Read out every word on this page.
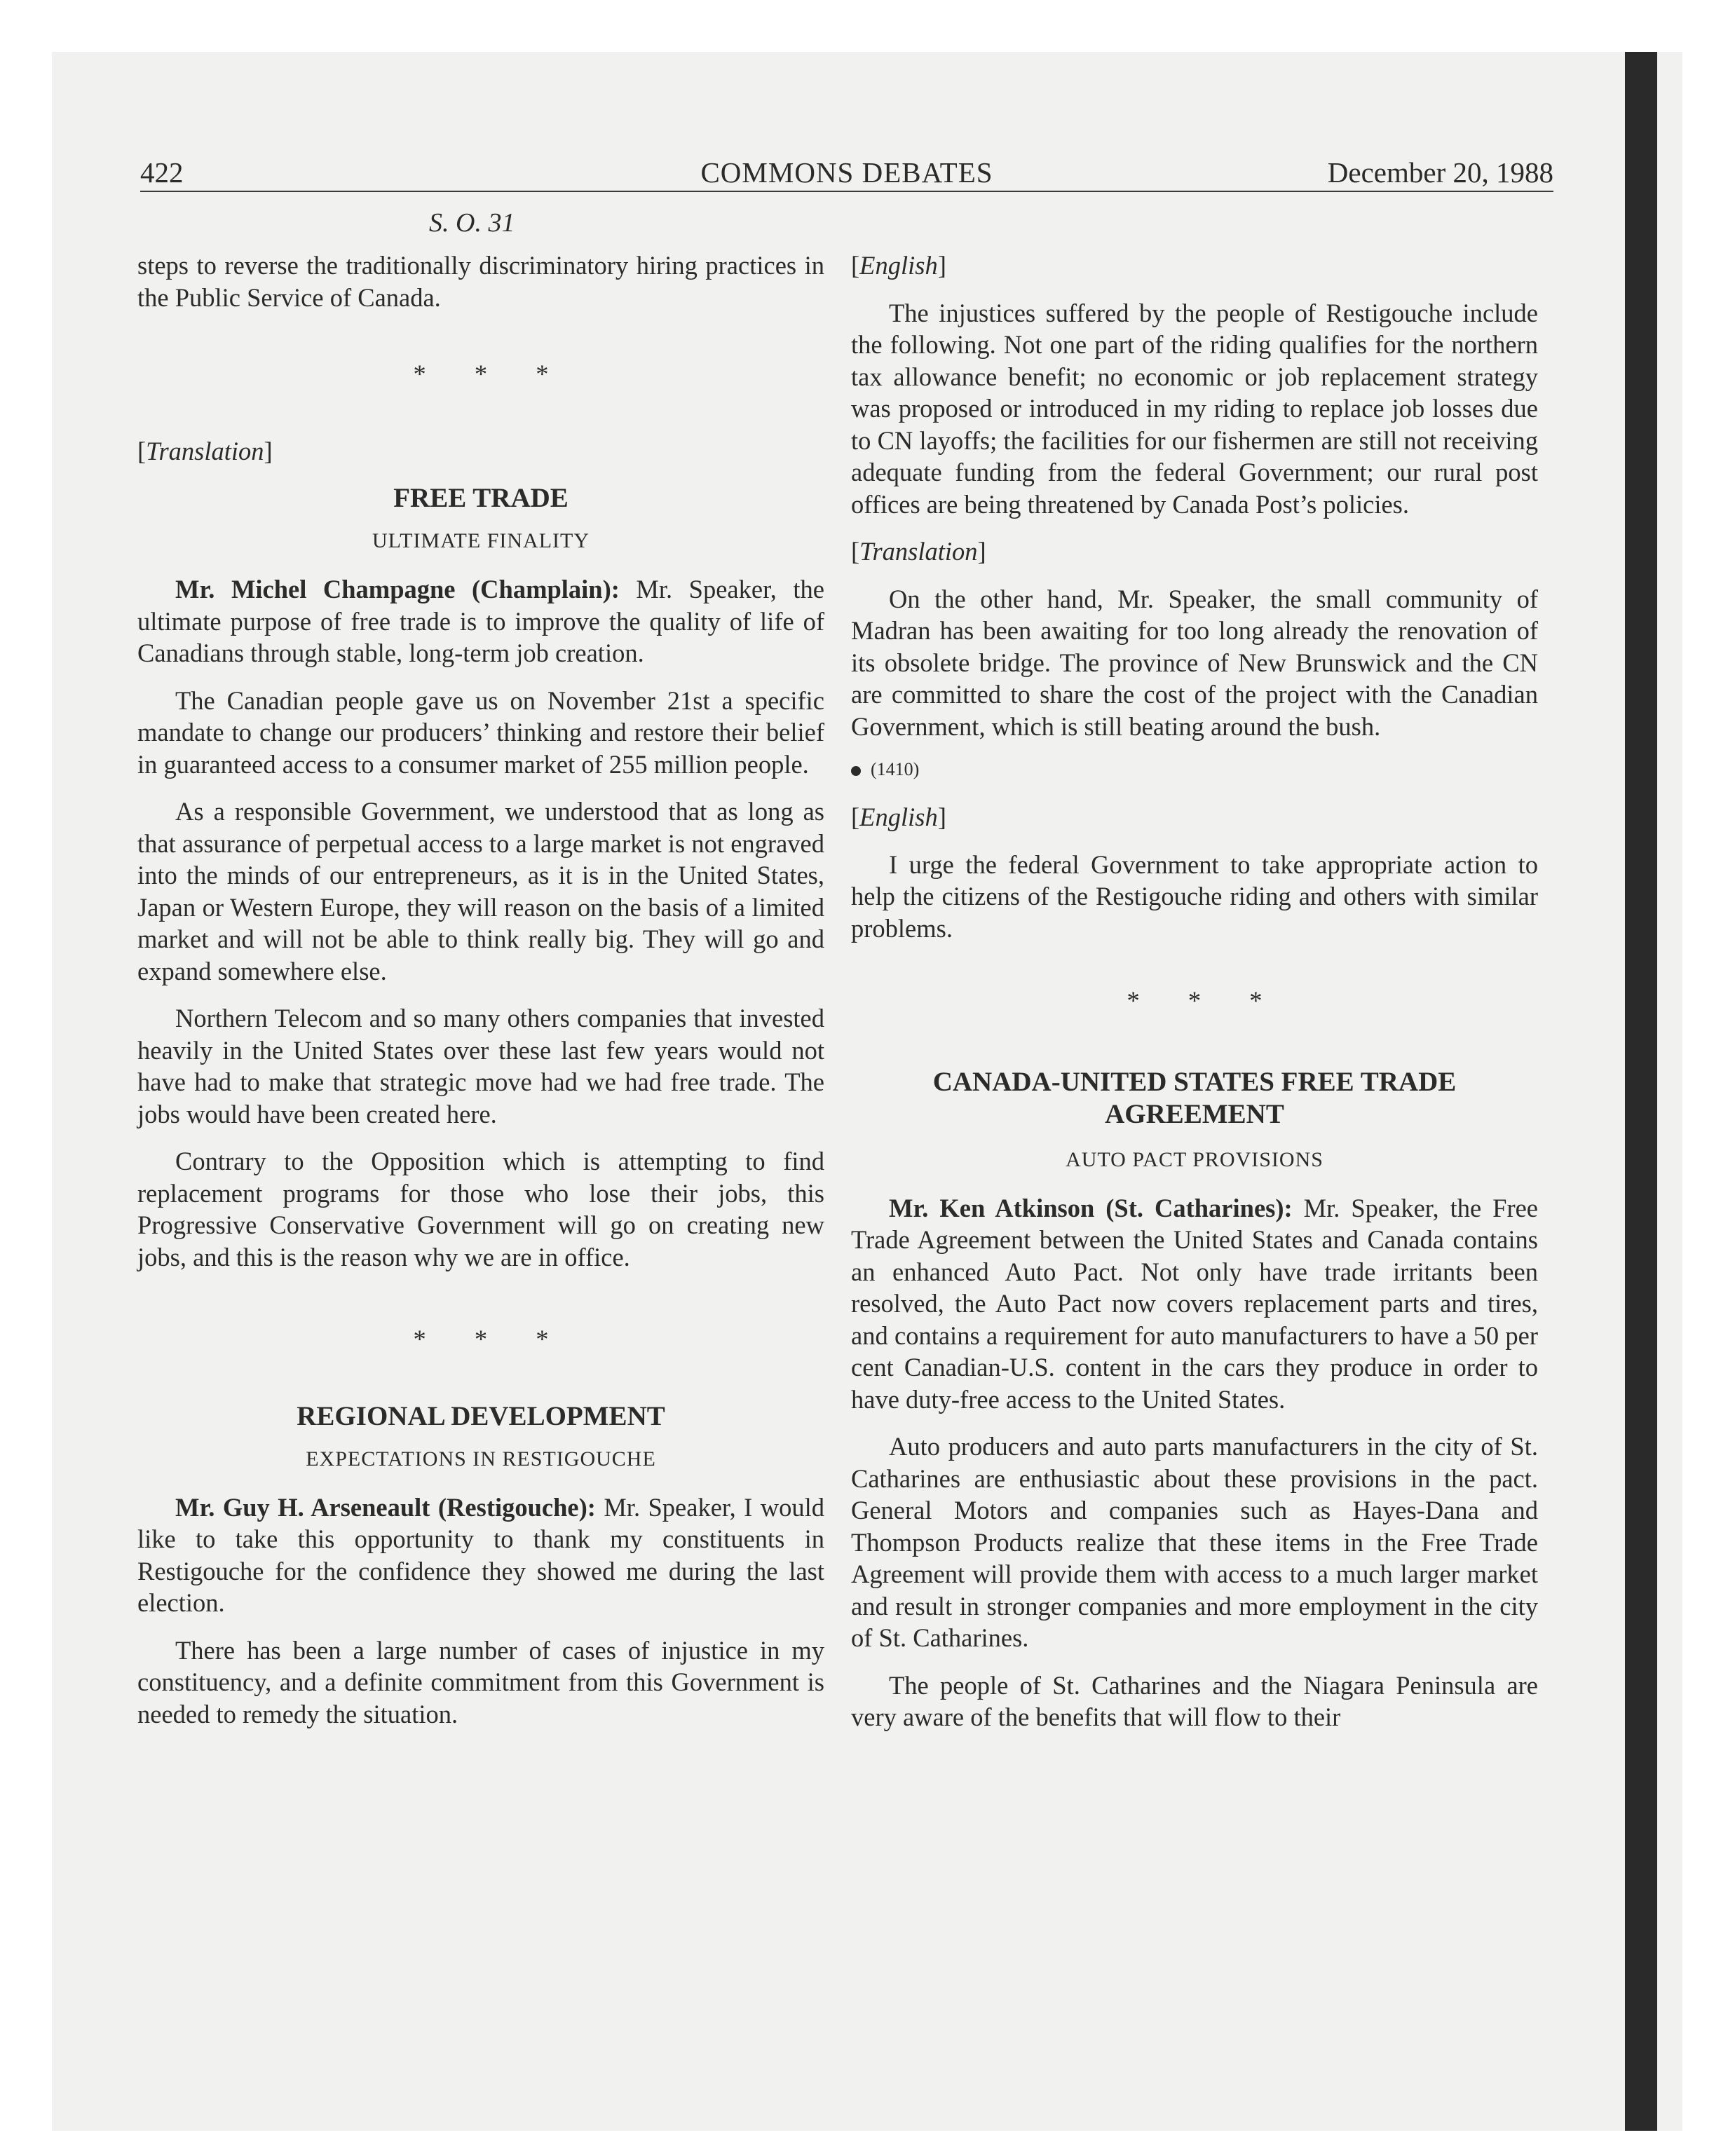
422	COMMONS DEBATES	December 20, 1988
S. O. 31

steps to reverse the traditionally discriminatory hiring practices in the Public Service of Canada.

* * *

[Translation]

FREE TRADE

ULTIMATE FINALITY

Mr. Michel Champagne (Champlain): Mr. Speaker, the ultimate purpose of free trade is to improve the quality of life of Canadians through stable, long-term job creation.

The Canadian people gave us on November 21st a specific mandate to change our producers’ thinking and restore their belief in guaranteed access to a consumer market of 255 million people.

As a responsible Government, we understood that as long as that assurance of perpetual access to a large market is not engraved into the minds of our entrepreneurs, as it is in the United States, Japan or Western Europe, they will reason on the basis of a limited market and will not be able to think really big. They will go and expand somewhere else.

Northern Telecom and so many others companies that invested heavily in the United States over these last few years would not have had to make that strategic move had we had free trade. The jobs would have been created here.

Contrary to the Opposition which is attempting to find replacement programs for those who lose their jobs, this Progressive Conservative Government will go on creating new jobs, and this is the reason why we are in office.

* * *

REGIONAL DEVELOPMENT

EXPECTATIONS IN RESTIGOUCHE

Mr. Guy H. Arseneault (Restigouche): Mr. Speaker, I would like to take this opportunity to thank my constituents in Restigouche for the confidence they showed me during the last election.

There has been a large number of cases of injustice in my constituency, and a definite commitment from this Government is needed to remedy the situation.

[English]

The injustices suffered by the people of Restigouche include the following. Not one part of the riding qualifies for the northern tax allowance benefit; no economic or job replacement strategy was proposed or introduced in my riding to replace job losses due to CN layoffs; the facilities for our fishermen are still not receiving adequate funding from the federal Government; our rural post offices are being threatened by Canada Post’s policies.

[Translation]

On the other hand, Mr. Speaker, the small community of Madran has been awaiting for too long already the renovation of its obsolete bridge. The province of New Brunswick and the CN are committed to share the cost of the project with the Canadian Government, which is still beating around the bush.

(1410)

[English]

I urge the federal Government to take appropriate action to help the citizens of the Restigouche riding and others with similar problems.

* * *

CANADA-UNITED STATES FREE TRADE

AGREEMENT

AUTO PACT PROVISIONS

Mr. Ken Atkinson (St. Catharines): Mr. Speaker, the Free Trade Agreement between the United States and Canada contains an enhanced Auto Pact. Not only have trade irritants been resolved, the Auto Pact now covers replacement parts and tires, and contains a requirement for auto manufacturers to have a 50 per cent Canadian-U.S. content in the cars they produce in order to have duty-free access to the United States.

Auto producers and auto parts manufacturers in the city of St. Catharines are enthusiastic about these provisions in the pact. General Motors and companies such as Hayes-Dana and Thompson Products realize that these items in the Free Trade Agreement will provide them with access to a much larger market and result in stronger companies and more employment in the city of St. Catharines.

The people of St. Catharines and the Niagara Peninsula are very aware of the benefits that will flow to their
